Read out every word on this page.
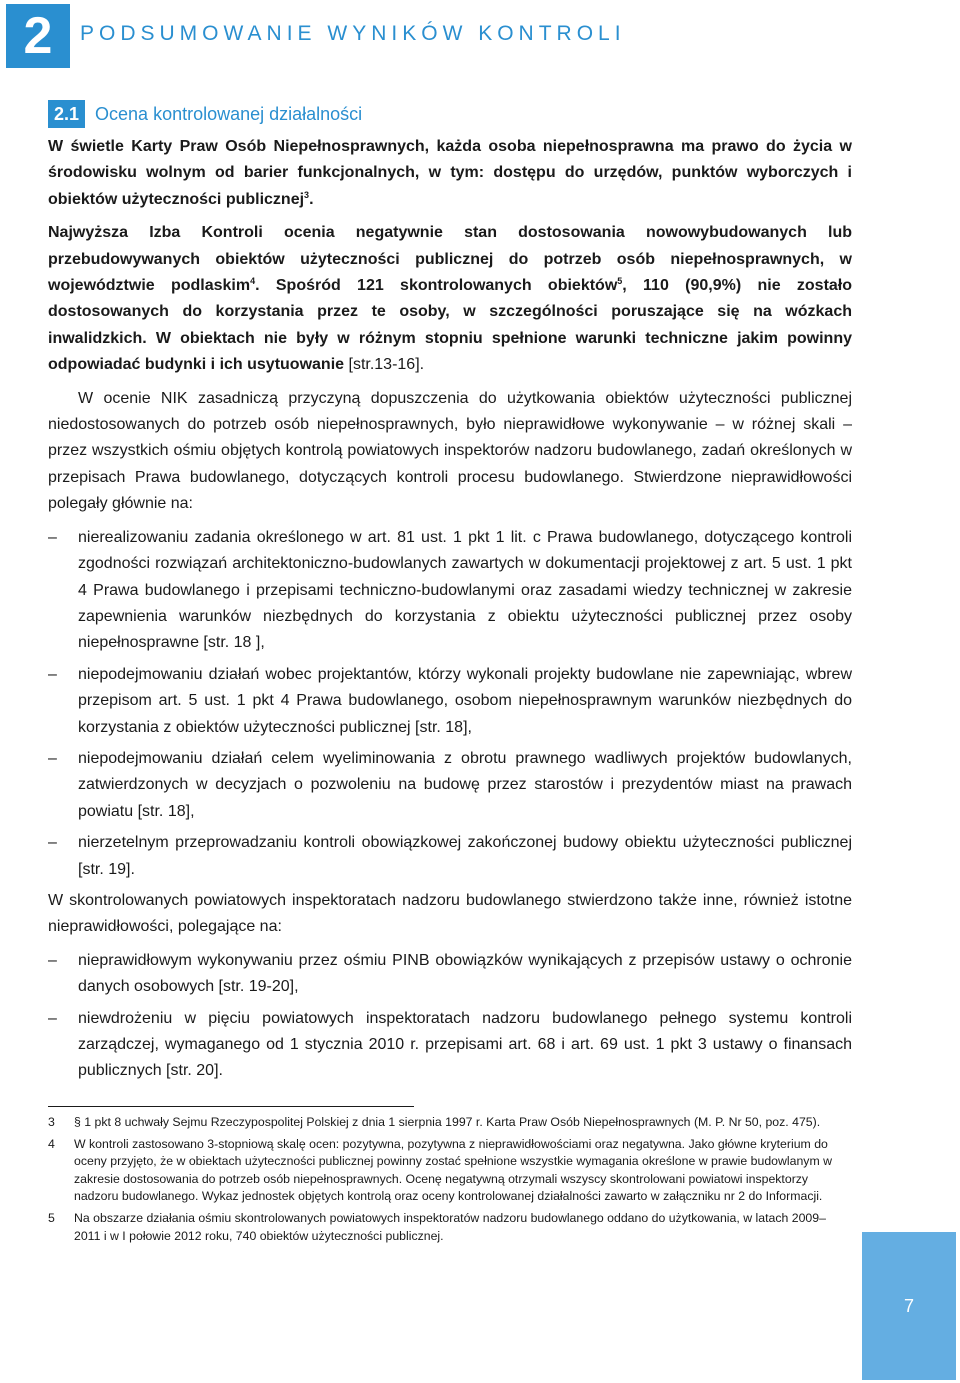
2	PODSUMOWANIE WYNIKÓW KONTROLI
2.1 Ocena kontrolowanej działalności

W świetle Karty Praw Osób Niepełnosprawnych, każda osoba niepełnosprawna ma prawo do życia w środowisku wolnym od barier funkcjonalnych, w tym: dostępu do urzędów, punktów wyborczych i obiektów użyteczności publicznej$^3$.

Najwyższa Izba Kontroli ocenia negatywnie stan dostosowania nowowybudowanych lub przebudowywanych obiektów użyteczności publicznej do potrzeb osób niepełnosprawnych, w województwie podlaskim$^4$. Spośród 121 skontrolowanych obiektów$^5$, 110 (90,9%) nie zostało dostosowanych do korzystania przez te osoby, w szczególności poruszające się na wózkach inwalidzkich. W obiektach nie były w różnym stopniu spełnione warunki techniczne jakim powinny odpowiadać budynki i ich usytuowanie [str.13-16].

W ocenie NIK zasadniczą przyczyną dopuszczenia do użytkowania obiektów użyteczności publicznej niedostosowanych do potrzeb osób niepełnosprawnych, było nieprawidłowe wykonywanie – w różnej skali – przez wszystkich ośmiu objętych kontrolą powiatowych inspektorów nadzoru budowlanego, zadań określonych w przepisach Prawa budowlanego, dotyczących kontroli procesu budowlanego. Stwierdzone nieprawidłowości polegały głównie na:

– nierealizowaniu zadania określonego w art. 81 ust. 1 pkt 1 lit. c Prawa budowlanego, dotyczącego kontroli zgodności rozwiązań architektoniczno-budowlanych zawartych w dokumentacji projektowej z art. 5 ust. 1 pkt 4 Prawa budowlanego i przepisami techniczno-budowlanymi oraz zasadami wiedzy technicznej w zakresie zapewnienia warunków niezbędnych do korzystania z obiektu użyteczności publicznej przez osoby niepełnosprawne [str. 18 ],
– niepodejmowaniu działań wobec projektantów, którzy wykonali projekty budowlane nie zapewniając, wbrew przepisom art. 5 ust. 1 pkt 4 Prawa budowlanego, osobom niepełnosprawnym warunków niezbędnych do korzystania z obiektów użyteczności publicznej [str. 18],
– niepodejmowaniu działań celem wyeliminowania z obrotu prawnego wadliwych projektów budowlanych, zatwierdzonych w decyzjach o pozwoleniu na budowę przez starostów i prezydentów miast na prawach powiatu [str. 18],
– nierzetelnym przeprowadzaniu kontroli obowiązkowej zakończonej budowy obiektu użyteczności publicznej [str. 19].

W skontrolowanych powiatowych inspektoratach nadzoru budowlanego stwierdzono także inne, również istotne nieprawidłowości, polegające na:

– nieprawidłowym wykonywaniu przez ośmiu PINB obowiązków wynikających z przepisów ustawy o ochronie danych osobowych [str. 19-20],
– niewdrożeniu w pięciu powiatowych inspektoratach nadzoru budowlanego pełnego systemu kontroli zarządczej, wymaganego od 1 stycznia 2010 r. przepisami art. 68 i art. 69 ust. 1 pkt 3 ustawy o finansach publicznych [str. 20].
3 § 1 pkt 8 uchwały Sejmu Rzeczypospolitej Polskiej z dnia 1 sierpnia 1997 r. Karta Praw Osób Niepełnosprawnych (M. P. Nr 50, poz. 475).
4 W kontroli zastosowano 3-stopniową skalę ocen: pozytywna, pozytywna z nieprawidłowościami oraz negatywna. Jako główne kryterium do oceny przyjęto, że w obiektach użyteczności publicznej powinny zostać spełnione wszystkie wymagania określone w prawie budowlanym w zakresie dostosowania do potrzeb osób niepełnosprawnych. Ocenę negatywną otrzymali wszyscy skontrolowani powiatowi inspektorzy nadzoru budowlanego. Wykaz jednostek objętych kontrolą oraz oceny kontrolowanej działalności zawarto w załączniku nr 2 do Informacji.
5 Na obszarze działania ośmiu skontrolowanych powiatowych inspektoratów nadzoru budowlanego oddano do użytkowania, w latach 2009–2011 i w I połowie 2012 roku, 740 obiektów użyteczności publicznej.
7
